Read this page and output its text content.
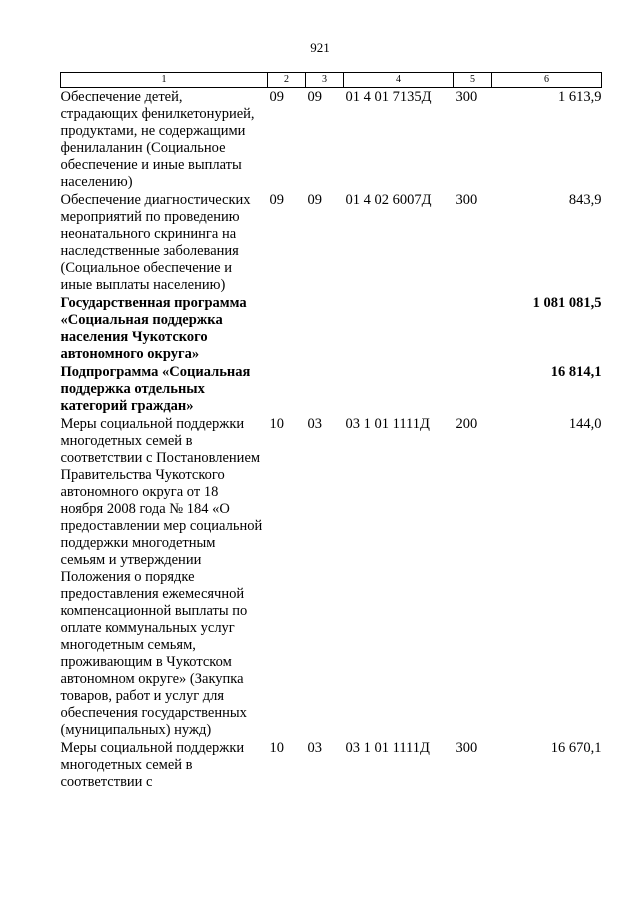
921
1	2	3	4	5	6
Обеспечение детей, страдающих фенилкетонурией, продуктами, не содержащими фенилаланин (Социальное обеспечение и иные выплаты населению)	09	09	01 4 01 7135Д	300	1 613,9
Обеспечение диагностических мероприятий по проведению неонатального скрининга на наследственные заболевания (Социальное обеспечение и иные выплаты населению)	09	09	01 4 02 6007Д	300	843,9
Государственная программа «Социальная поддержка населения Чукотского автономного округа»					1 081 081,5
Подпрограмма «Социальная поддержка отдельных категорий граждан»					16 814,1
Меры социальной поддержки многодетных семей в соответствии с Постановлением Правительства Чукотского автономного округа от 18 ноября 2008 года № 184 «О предоставлении мер социальной поддержки многодетным семьям и утверждении Положения о порядке предоставления ежемесячной компенсационной выплаты по оплате коммунальных услуг многодетным семьям, проживающим в Чукотском автономном округе» (Закупка товаров, работ и услуг для обеспечения государственных (муниципальных) нужд)	10	03	03 1 01 1111Д	200	144,0
Меры социальной поддержки многодетных семей в соответствии с	10	03	03 1 01 1111Д	300	16 670,1
